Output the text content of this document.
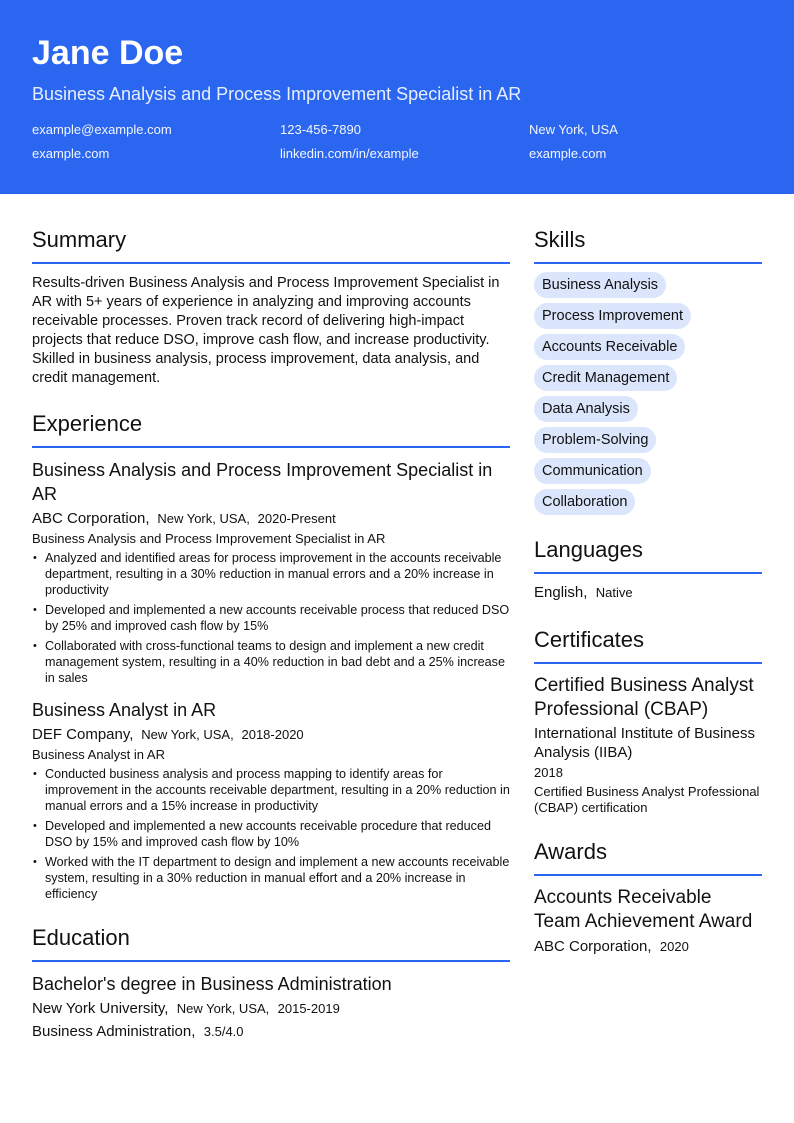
Jane Doe
Business Analysis and Process Improvement Specialist in AR
example@example.com	123-456-7890	New York, USA
example.com	linkedin.com/in/example	example.com
Summary
Results-driven Business Analysis and Process Improvement Specialist in AR with 5+ years of experience in analyzing and improving accounts receivable processes. Proven track record of delivering high-impact projects that reduce DSO, improve cash flow, and increase productivity. Skilled in business analysis, process improvement, data analysis, and credit management.
Experience
Business Analysis and Process Improvement Specialist in AR
ABC Corporation, New York, USA, 2020-Present
Business Analysis and Process Improvement Specialist in AR
• Analyzed and identified areas for process improvement in the accounts receivable department, resulting in a 30% reduction in manual errors and a 20% increase in productivity
• Developed and implemented a new accounts receivable process that reduced DSO by 25% and improved cash flow by 15%
• Collaborated with cross-functional teams to design and implement a new credit management system, resulting in a 40% reduction in bad debt and a 25% increase in sales
Business Analyst in AR
DEF Company, New York, USA, 2018-2020
Business Analyst in AR
• Conducted business analysis and process mapping to identify areas for improvement in the accounts receivable department, resulting in a 20% reduction in manual errors and a 15% increase in productivity
• Developed and implemented a new accounts receivable procedure that reduced DSO by 15% and improved cash flow by 10%
• Worked with the IT department to design and implement a new accounts receivable system, resulting in a 30% reduction in manual effort and a 20% increase in efficiency
Education
Bachelor's degree in Business Administration
New York University, New York, USA, 2015-2019
Business Administration, 3.5/4.0
Skills
Business Analysis
Process Improvement
Accounts Receivable
Credit Management
Data Analysis
Problem-Solving
Communication
Collaboration
Languages
English, Native
Certificates
Certified Business Analyst Professional (CBAP)
International Institute of Business Analysis (IIBA)
2018
Certified Business Analyst Professional (CBAP) certification
Awards
Accounts Receivable Team Achievement Award
ABC Corporation, 2020
